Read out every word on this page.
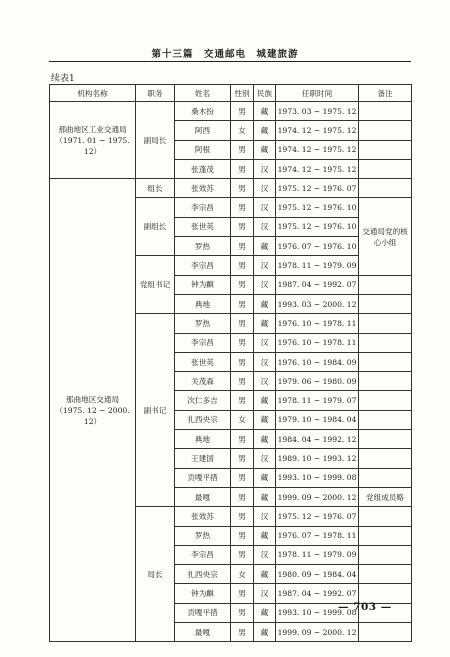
第十三篇　交通邮电　城建旅游
续表1
机构名称	职务	姓名	性别	民族	任职时间	备注

那曲地区工业交通局
（1971. 01 ~ 1975. 12）	副局长	桑木扮	男	藏	1973. 03 ~ 1975. 12	
		阿西	女	藏	1974. 12 ~ 1975. 12	
		阿根	男	藏	1974. 12 ~ 1975. 12	
		张蓬茂	男	汉	1974. 12 ~ 1975. 12	

那曲地区交通局
（1975. 12 ~ 2000. 12）	组长	张效苏	男	汉	1975. 12 ~ 1976. 07	
	副组长	李宗昌	男	汉	1975. 12 ~ 1976. 10	交通局党的核心小组
		张世英	男	汉	1975. 12 ~ 1976. 10	
		罗热	男	藏	1976. 07 ~ 1976. 10	
	党组书记	李宗昌	男	汉	1978. 11 ~ 1979. 09	
		钟为麒	男	汉	1987. 04 ~ 1992. 07	
		典地	男	藏	1993. 03 ~ 2000. 12	
	副书记	罗热	男	藏	1976. 10 ~ 1978. 11	
		李宗昌	男	汉	1976. 10 ~ 1978. 11	
		张世英	男	汉	1976. 10 ~ 1984. 09	
		关茂森	男	汉	1979. 06 ~ 1980. 09	
		次仁多吉	男	藏	1978. 11 ~ 1979. 07	
		扎西央宗	女	藏	1979. 10 ~ 1984. 04	
		典地	男	藏	1984. 04 ~ 1992. 12	
		王建国	男	汉	1989. 10 ~ 1993. 12	
		贡嘎平措	男	藏	1993. 10 ~ 1999. 08	
		最嘎	男	藏	1999. 09 ~ 2000. 12	党组成员略
	局长	张效苏	男	汉	1975. 12 ~ 1976. 07	
		罗热	男	藏	1976. 07 ~ 1978. 11	
		李宗昌	男	汉	1978. 11 ~ 1979. 09	
		扎西央宗	女	藏	1980. 09 ~ 1984. 04	
		钟为麒	男	汉	1987. 04 ~ 1992. 07	
		贡嘎平措	男	藏	1993. 10 ~ 1999. 08	
		最嘎	男	藏	1999. 09 ~ 2000. 12	
— 703 —
